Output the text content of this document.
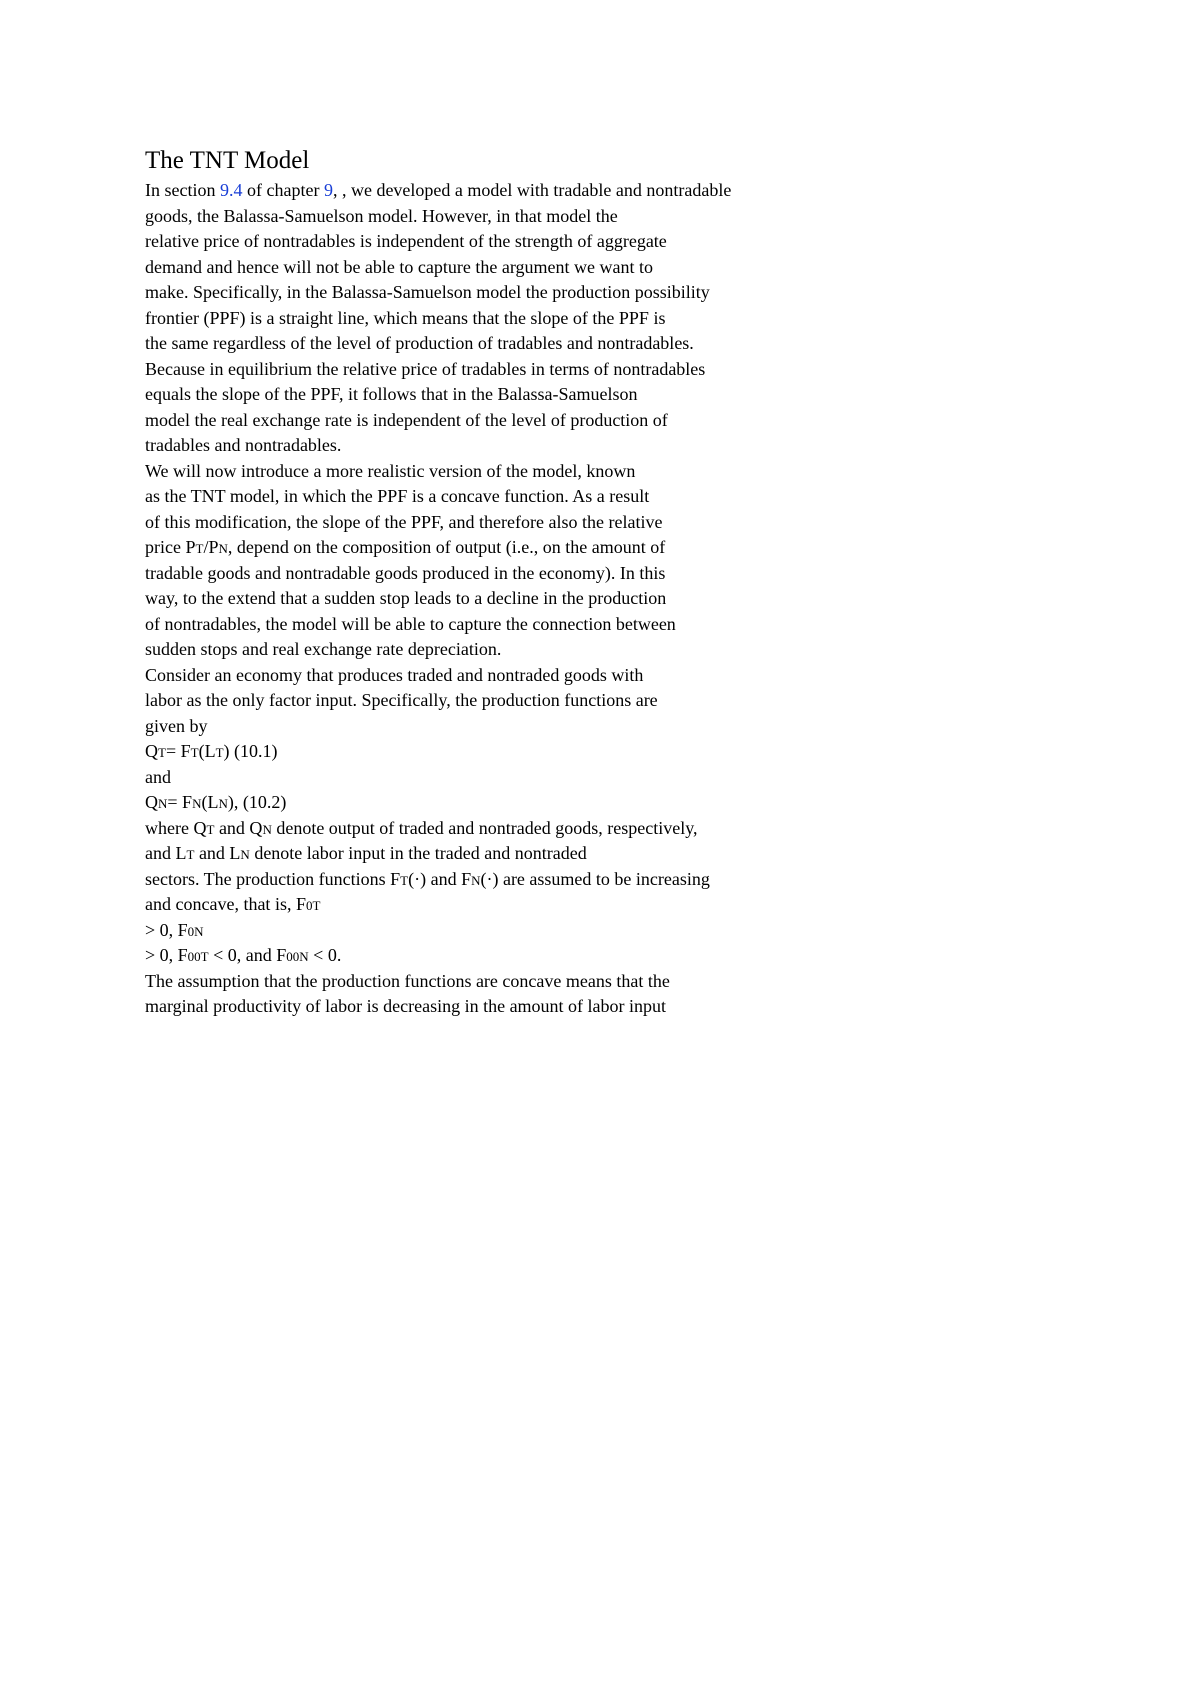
The TNT Model
In section 9.4 of chapter 9, , we developed a model with tradable and nontradable
goods, the Balassa-Samuelson model. However, in that model the
relative price of nontradables is independent of the strength of aggregate
demand and hence will not be able to capture the argument we want to
make. Specifically, in the Balassa-Samuelson model the production possibility
frontier (PPF) is a straight line, which means that the slope of the PPF is
the same regardless of the level of production of tradables and nontradables.
Because in equilibrium the relative price of tradables in terms of nontradables
equals the slope of the PPF, it follows that in the Balassa-Samuelson
model the real exchange rate is independent of the level of production of
tradables and nontradables.
We will now introduce a more realistic version of the model, known
as the TNT model, in which the PPF is a concave function. As a result
of this modification, the slope of the PPF, and therefore also the relative
price PT/PN, depend on the composition of output (i.e., on the amount of
tradable goods and nontradable goods produced in the economy). In this
way, to the extend that a sudden stop leads to a decline in the production
of nontradables, the model will be able to capture the connection between
sudden stops and real exchange rate depreciation.
Consider an economy that produces traded and nontraded goods with
labor as the only factor input. Specifically, the production functions are
given by
QT= FT(LT) (10.1)
and
QN= FN(LN), (10.2)
where QT and QN denote output of traded and nontraded goods, respectively,
and LT and LN denote labor input in the traded and nontraded
sectors. The production functions FT(·) and FN(·) are assumed to be increasing
and concave, that is, F0T
> 0, F0N
> 0, F00T < 0, and F00N < 0.
The assumption that the production functions are concave means that the
marginal productivity of labor is decreasing in the amount of labor input
